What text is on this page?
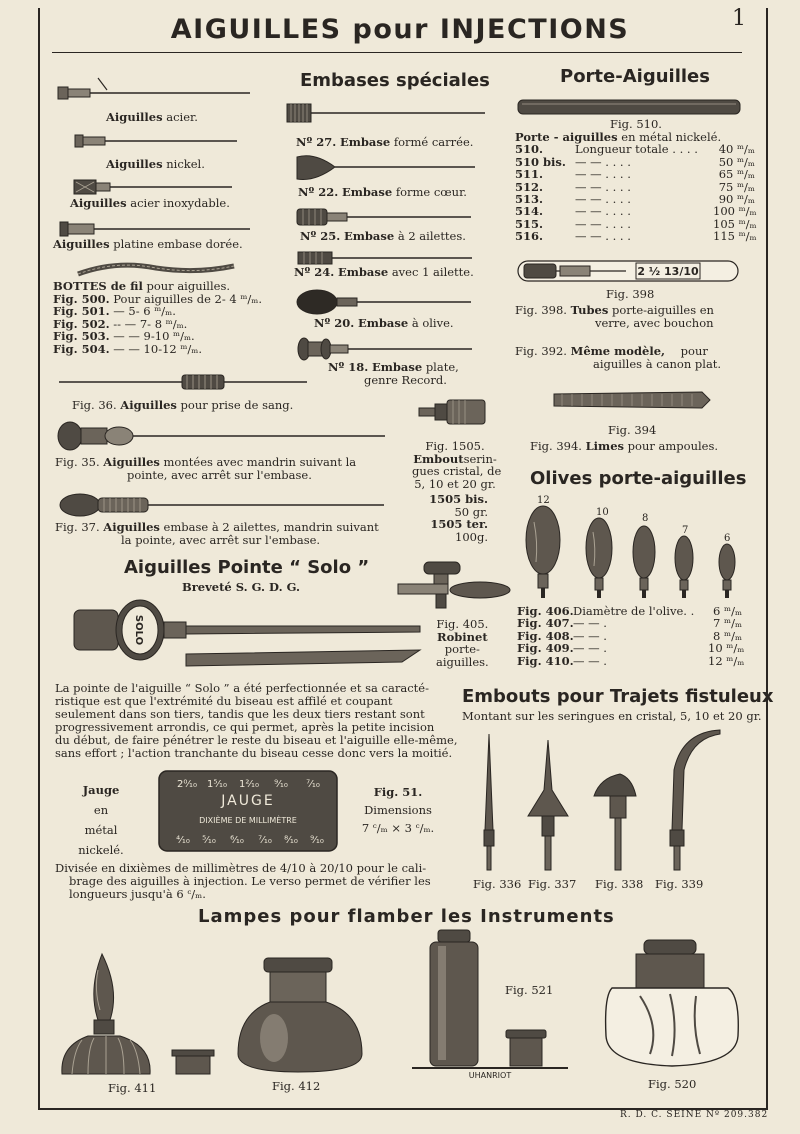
AIGUILLES pour INJECTIONS	1
Aiguilles acier.
Aiguilles nickel.
Aiguilles acier inoxydable.
Aiguilles platine embase dorée.
BOTTES de fil pour aiguilles.
Fig. 500. Pour aiguilles de 2- 4 ᵐ/ₘ.
Fig. 501. — 5- 6 ᵐ/ₘ.
Fig. 502. -- — 7- 8 ᵐ/ₘ.
Fig. 503. — — 9-10 ᵐ/ₘ.
Fig. 504. — — 10-12 ᵐ/ₘ.
Fig. 36. Aiguilles pour prise de sang.
Fig. 35. Aiguilles montées avec mandrin suivant la
pointe, avec arrêt sur l'embase.
Fig. 37. Aiguilles embase à 2 ailettes, mandrin suivant
la pointe, avec arrêt sur l'embase.
Embases spéciales
Nº 27. Embase formé carrée.
Nº 22. Embase forme cœur.
Nº 25. Embase à 2 ailettes.
Nº 24. Embase avec 1 ailette.
Nº 20. Embase à olive.
Nº 18. Embase plate,
genre Record.
Fig. 1505.
Emboutserin-
gues cristal, de
5, 10 et 20 gr.
1505 bis.
50 gr.
1505 ter.
100g.
Porte-Aiguilles
Fig. 510.
Porte - aiguilles en métal nickelé.
510.	Longueur totale . . . .	40 ᵐ/ₘ
510 bis. — — . . . .	50 ᵐ/ₘ
511.	— — . . . .	65 ᵐ/ₘ
512.	— — . . . .	75 ᵐ/ₘ
513.	— — . . . .	90 ᵐ/ₘ
514.	— — . . . .	100 ᵐ/ₘ
515.	— — . . . .	105 ᵐ/ₘ
516.	— — . . . .	115 ᵐ/ₘ
2 ½ 13/10
Fig. 398
Fig. 398. Tubes porte-aiguilles en
verre, avec bouchon
Fig. 392. Même modèle, pour
aiguilles à canon plat.
Fig. 394
Fig. 394. Limes pour ampoules.
Olives porte-aiguilles
12
10
8
7
6
Fig. 406. Diamètre de l'olive. .	6 ᵐ/ₘ
Fig. 407. — — .	7 ᵐ/ₘ
Fig. 408. — — .	8 ᵐ/ₘ
Fig. 409. — — .	10 ᵐ/ₘ
Fig. 410. — — .	12 ᵐ/ₘ
Aiguilles Pointe “ Solo ”
Breveté S. G. D. G.
Fig. 405.
Robinet
porte-
aiguilles.
SOLO
La pointe de l'aiguille “ Solo ” a été perfectionnée et sa caracté-
ristique est que l'extrémité du biseau est affilé et coupant
seulement dans son tiers, tandis que les deux tiers restant sont
progressivement arrondis, ce qui permet, après la petite incision
du début, de faire pénétrer le reste du biseau et l'aiguille elle-même,
sans effort ; l'action tranchante du biseau cesse donc vers la moitié.
Jauge
en
métal
nickelé.
2⁰⁄₁₀ 1⁵⁄₁₀ 1²⁄₁₀ ⁹⁄₁₀ ⁷⁄₁₀
JAUGE
DIXIÈME DE MILLIMÈTRE
⁴⁄₁₀ ⁵⁄₁₀ ⁶⁄₁₀ ⁷⁄₁₀ ⁸⁄₁₀ ⁹⁄₁₀
Fig. 51.
Dimensions
7 ᶜ/ₘ × 3 ᶜ/ₘ.
Divisée en dixièmes de millimètres de 4/10 à 20/10 pour le cali-
brage des aiguilles à injection. Le verso permet de vérifier les
longueurs jusqu'à 6 ᶜ/ₘ.
Embouts pour Trajets fistuleux
Montant sur les seringues en cristal, 5, 10 et 20 gr.
Fig. 336 Fig. 337 Fig. 338 Fig. 339
Lampes pour flamber les Instruments
Fig. 411	Fig. 412
UHANRIOT
Fig. 521
Fig. 520
R. D. C. SEINE Nº 209.382
